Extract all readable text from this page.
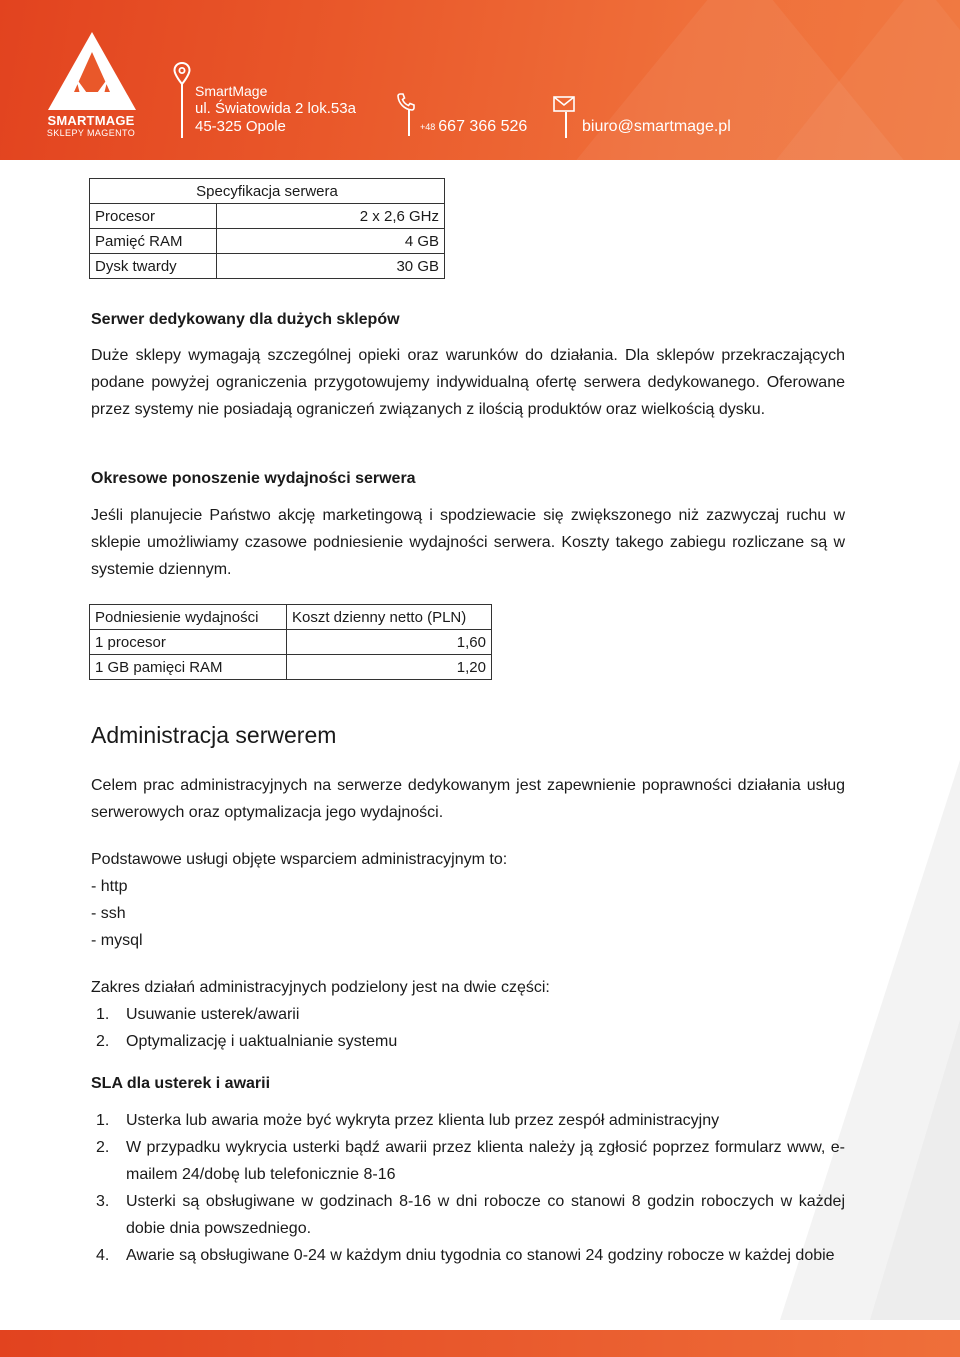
SMARTMAGE
SKLEPY MAGENTO
SmartMage
ul. Światowida 2 lok.53a
45-325 Opole	+48 667 366 526	biuro@smartmage.pl
Specyfikacja serwera	
Procesor	2 x 2,6 GHz
Pamięć RAM	4 GB
Dysk twardy	30 GB
Serwer dedykowany dla dużych sklepów
Duże sklepy wymagają szczególnej opieki oraz warunków do działania. Dla sklepów przekraczających podane powyżej ograniczenia przygotowujemy indywidualną ofertę serwera dedykowanego. Oferowane przez systemy nie posiadają ograniczeń związanych z ilością produktów oraz wielkością dysku.
Okresowe ponoszenie wydajności serwera
Jeśli planujecie Państwo akcję marketingową i spodziewacie się zwiększonego niż zazwyczaj ruchu w sklepie umożliwiamy czasowe podniesienie wydajności serwera. Koszty takego zabiegu rozliczane są w systemie dziennym.
Podniesienie wydajności	Koszt dzienny netto (PLN)
1 procesor	1,60
1 GB pamięci RAM	1,20
Administracja serwerem
Celem prac administracyjnych na serwerze dedykowanym jest zapewnienie poprawności działania usług serwerowych oraz optymalizacja jego wydajności.
Podstawowe usługi objęte wsparciem administracyjnym to:
- http
- ssh
- mysql
Zakres działań administracyjnych podzielony jest na dwie części:
1. Usuwanie usterek/awarii
2. Optymalizację i uaktualnianie systemu
SLA dla usterek i awarii
1. Usterka lub awaria może być wykryta przez klienta lub przez zespół administracyjny
2. W przypadku wykrycia usterki bądź awarii przez klienta należy ją zgłosić poprzez formularz www, e-mailem 24/dobę lub telefonicznie 8-16
3. Usterki są obsługiwane w godzinach 8-16 w dni robocze co stanowi 8 godzin roboczych w każdej dobie dnia powszedniego.
4. Awarie są obsługiwane 0-24 w każdym dniu tygodnia co stanowi 24 godziny robocze w każdej dobie
